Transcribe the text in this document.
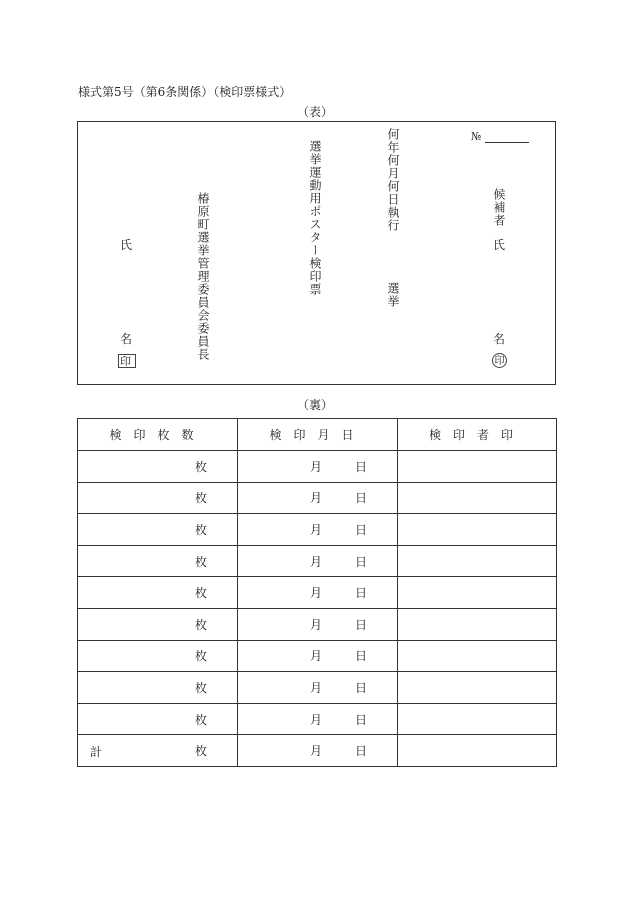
様式第5号（第6条関係）（検印票様式）
（表）
氏
名
印
椿原町選挙管理委員会委員長	選挙運動用ポスター検印票	何年何月何日執行
選挙
№
候補者
氏
名
印
（裏）
検印枚数	検印月日	検印者印
枚	月 日	

枚	月 日	

枚	月 日	

枚	月 日	

枚	月 日	

枚	月 日	

枚	月 日	

枚	月 日	

枚	月 日	

計 枚	月 日	
